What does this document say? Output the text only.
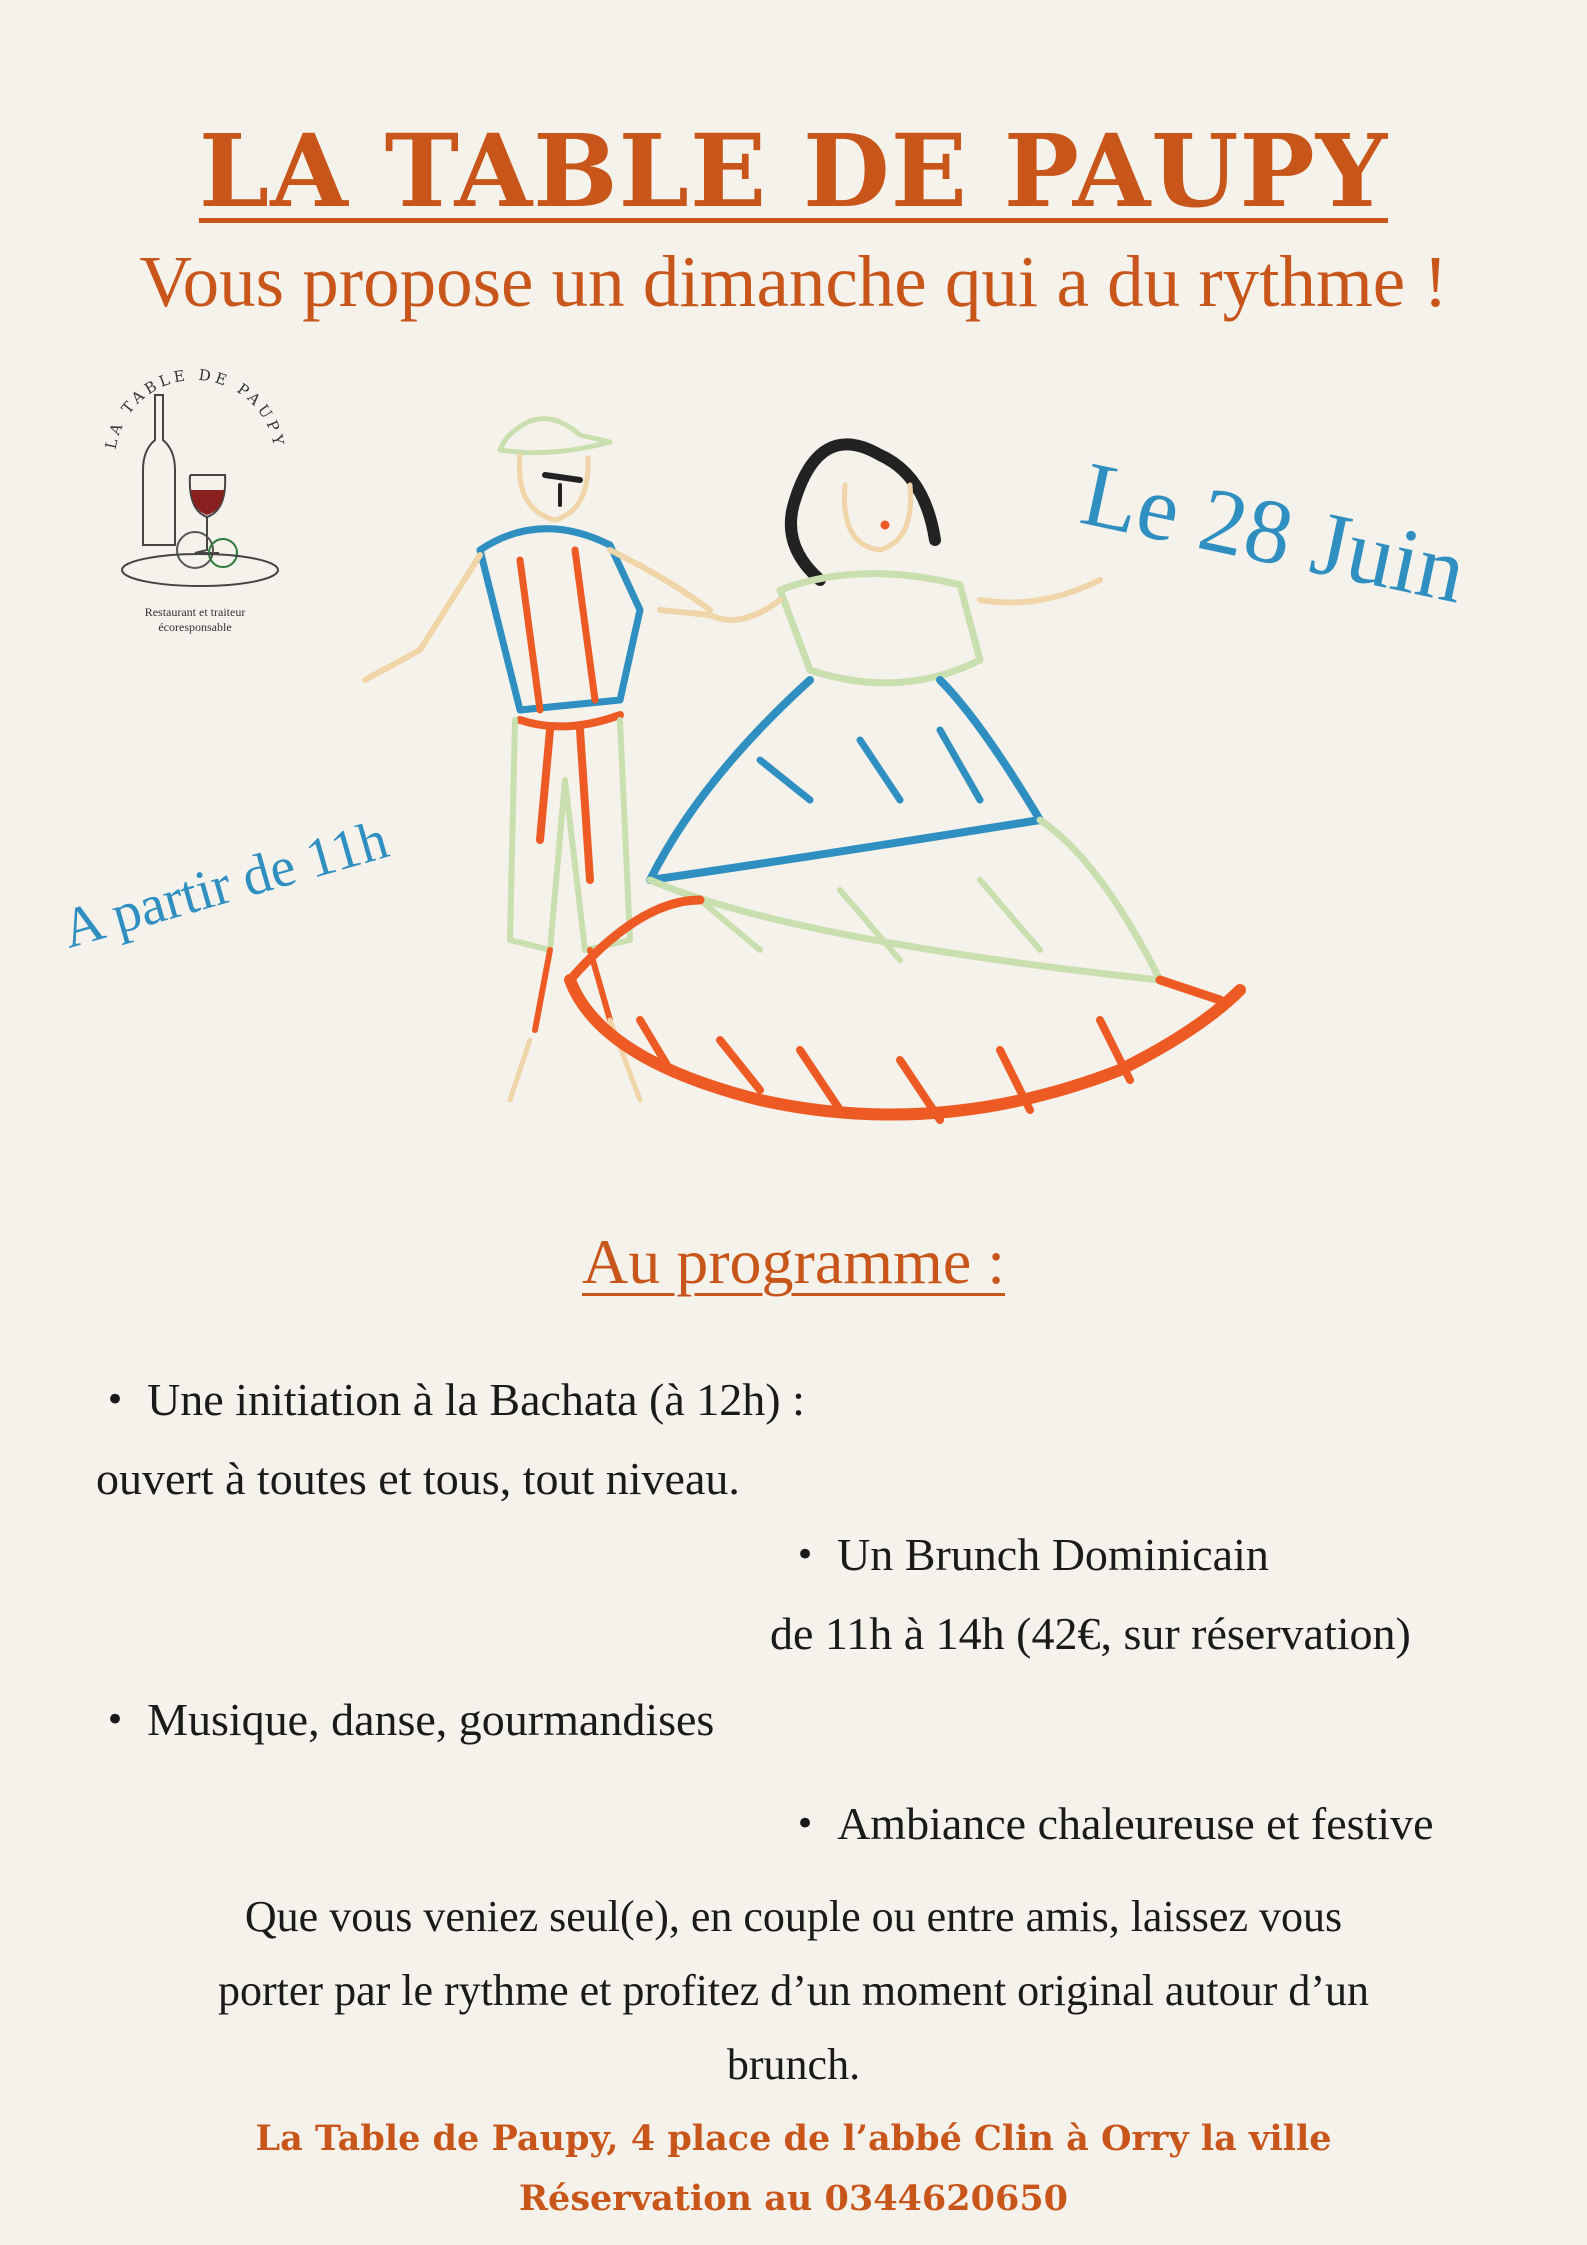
LA TABLE DE PAUPY
Vous propose un dimanche qui a du rythme !
LA TABLE DE PAUPY
Restaurant et traiteur
écoresponsable
Le 28 Juin
A partir de 11h
Au programme :
• Une initiation à la Bachata (à 12h) :
ouvert à toutes et tous, tout niveau.
• Un Brunch Dominicain
de 11h à 14h (42€, sur réservation)
• Musique, danse, gourmandises
• Ambiance chaleureuse et festive
Que vous veniez seul(e), en couple ou entre amis, laissez vous
porter par le rythme et profitez d’un moment original autour d’un
brunch.
La Table de Paupy, 4 place de l’abbé Clin à Orry la ville
Réservation au 0344620650
